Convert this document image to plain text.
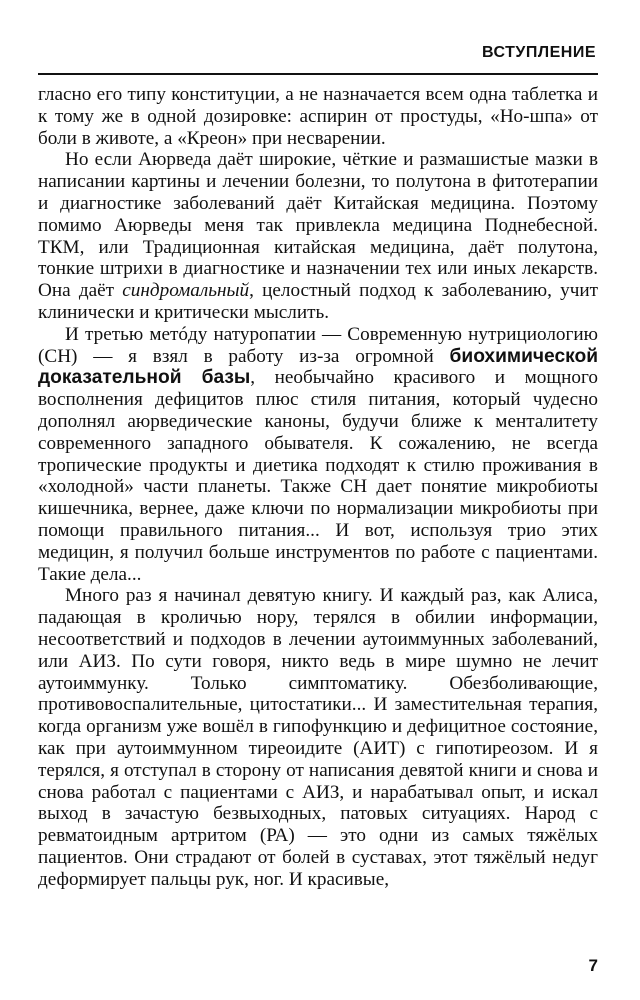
ВСТУПЛЕНИЕ

гласно его типу конституции, а не назначается всем одна таблетка и к тому же в одной дозировке: аспирин от простуды, «Но-шпа» от боли в животе, а «Креон» при несварении.

Но если Аюрведа даёт широкие, чёткие и размашистые мазки в написании картины и лечении болезни, то полутона в фитотерапии и диагностике заболеваний даёт Китайская медицина. Поэтому помимо Аюрведы меня так привлекла медицина Поднебесной. ТКМ, или Традиционная китайская медицина, даёт полутона, тонкие штрихи в диагностике и назначении тех или иных лекарств. Она даёт синдромальный, целостный подход к заболеванию, учит клинически и критически мыслить.

И третью метóду натуропатии — Современную нутрициологию (СН) — я взял в работу из-за огромной биохимической доказательной базы, необычайно красивого и мощного восполнения дефицитов плюс стиля питания, который чудесно дополнял аюрведические каноны, будучи ближе к менталитету современного западного обывателя. К сожалению, не всегда тропические продукты и диетика подходят к стилю проживания в «холодной» части планеты. Также СН дает понятие микробиоты кишечника, вернее, даже ключи по нормализации микробиоты при помощи правильного питания... И вот, используя трио этих медицин, я получил больше инструментов по работе с пациентами. Такие дела...

Много раз я начинал девятую книгу. И каждый раз, как Алиса, падающая в кроличью нору, терялся в обилии информации, несоответствий и подходов в лечении аутоиммунных заболеваний, или АИЗ. По сути говоря, никто ведь в мире шумно не лечит аутоиммунку. Только симптоматику. Обезболивающие, противовоспалительные, цитостатики... И заместительная терапия, когда организм уже вошёл в гипофункцию и дефицитное состояние, как при аутоиммунном тиреоидите (АИТ) с гипотиреозом. И я терялся, я отступал в сторону от написания девятой книги и снова и снова работал с пациентами с АИЗ, и нарабатывал опыт, и искал выход в зачастую безвыходных, патовых ситуациях. Народ с ревматоидным артритом (РА) — это одни из самых тяжёлых пациентов. Они страдают от болей в суставах, этот тяжёлый недуг деформирует пальцы рук, ног. И красивые,

7
